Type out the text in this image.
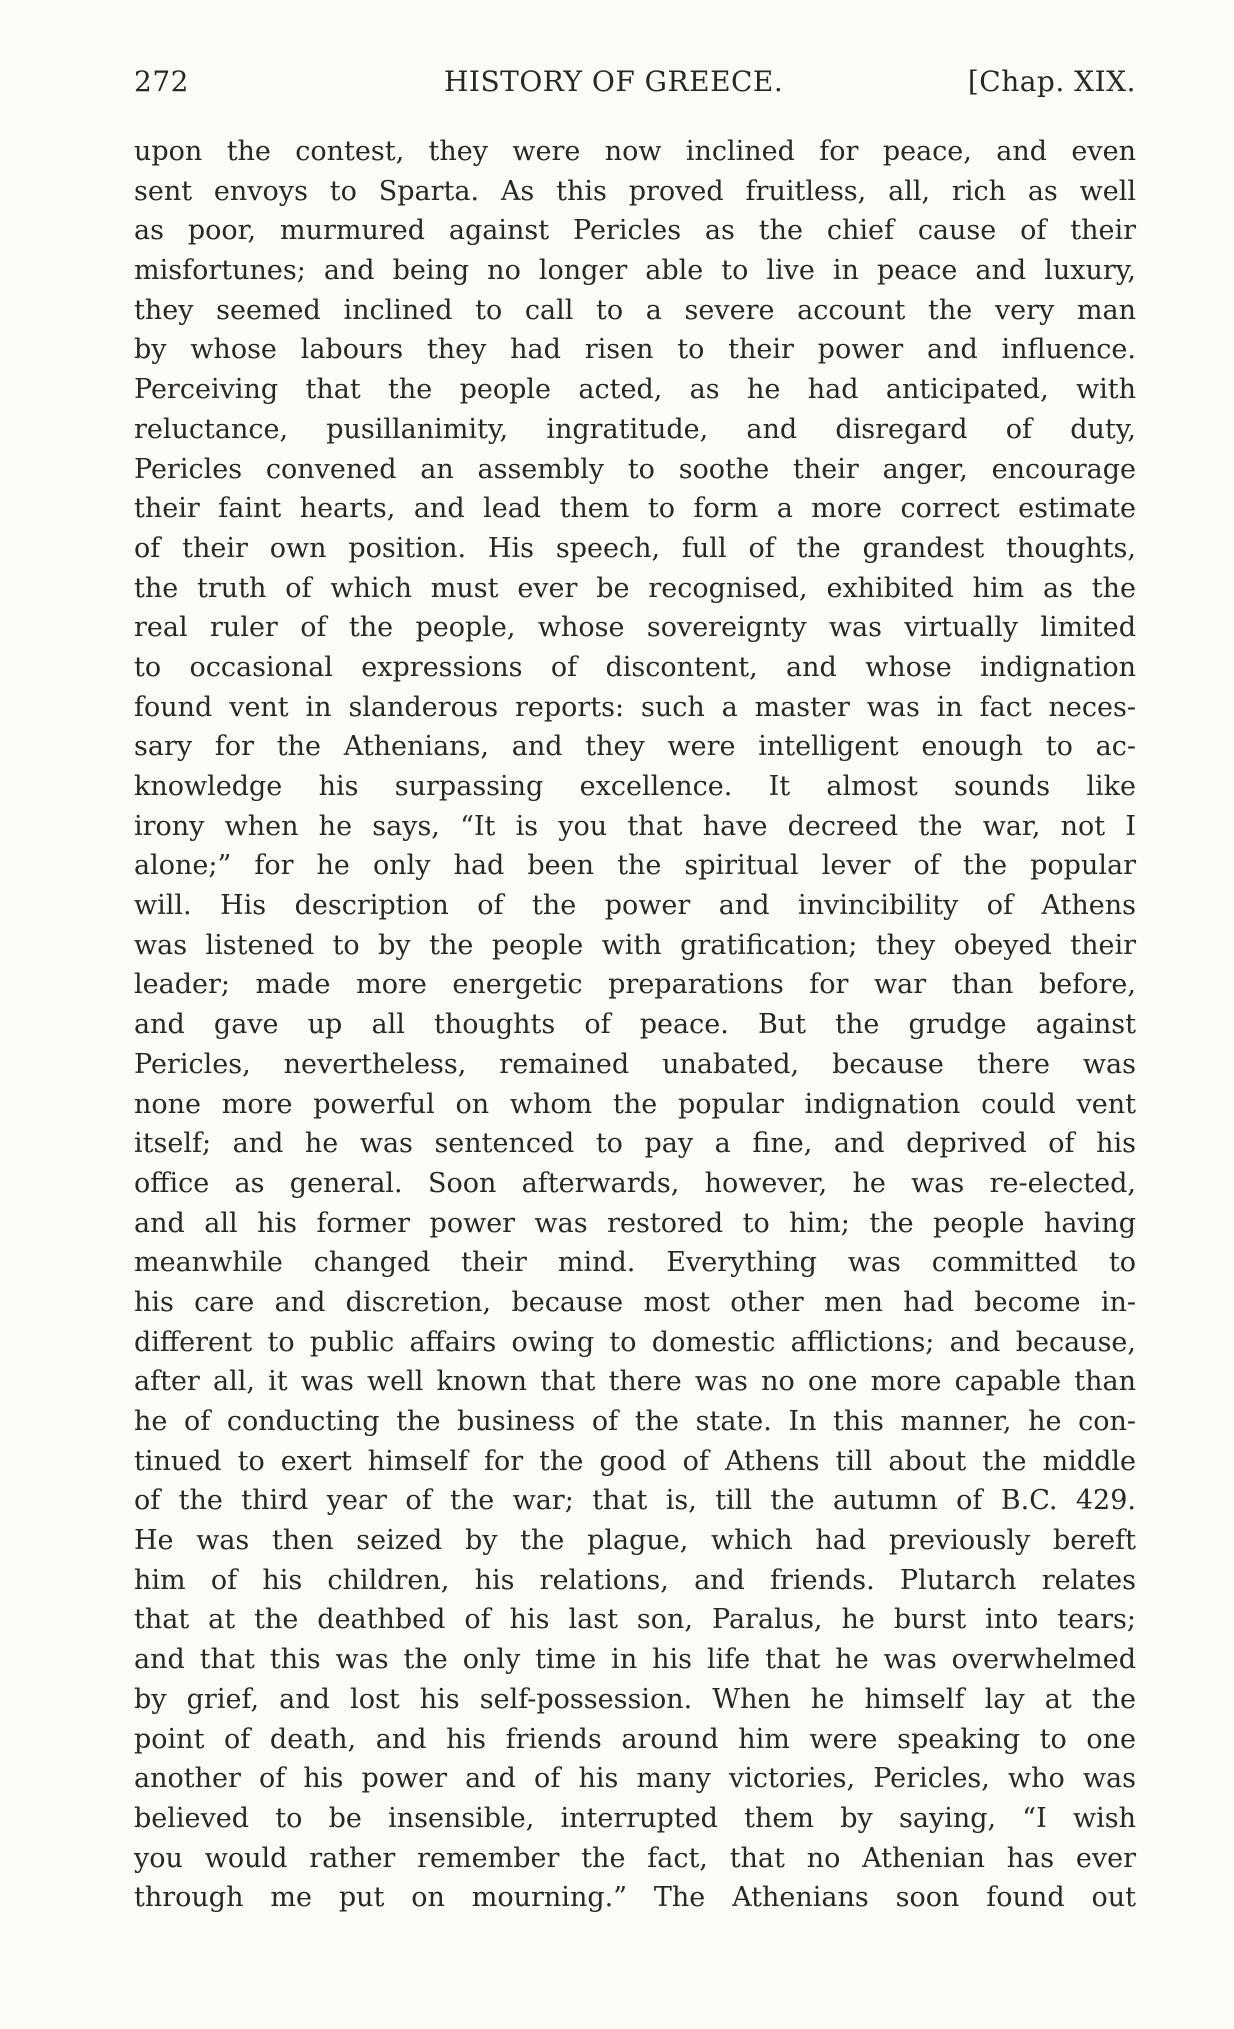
272	HISTORY OF GREECE.	[Chap. XIX.
upon the contest, they were now inclined for peace, and even
sent envoys to Sparta. As this proved fruitless, all, rich as well
as poor, murmured against Pericles as the chief cause of their
misfortunes; and being no longer able to live in peace and luxury,
they seemed inclined to call to a severe account the very man
by whose labours they had risen to their power and influence.
Perceiving that the people acted, as he had anticipated, with
reluctance, pusillanimity, ingratitude, and disregard of duty,
Pericles convened an assembly to soothe their anger, encourage
their faint hearts, and lead them to form a more correct estimate
of their own position. His speech, full of the grandest thoughts,
the truth of which must ever be recognised, exhibited him as the
real ruler of the people, whose sovereignty was virtually limited
to occasional expressions of discontent, and whose indignation
found vent in slanderous reports: such a master was in fact neces-
sary for the Athenians, and they were intelligent enough to ac-
knowledge his surpassing excellence. It almost sounds like
irony when he says, “It is you that have decreed the war, not I
alone;” for he only had been the spiritual lever of the popular
will. His description of the power and invincibility of Athens
was listened to by the people with gratification; they obeyed their
leader; made more energetic preparations for war than before,
and gave up all thoughts of peace. But the grudge against
Pericles, nevertheless, remained unabated, because there was
none more powerful on whom the popular indignation could vent
itself; and he was sentenced to pay a fine, and deprived of his
office as general. Soon afterwards, however, he was re-elected,
and all his former power was restored to him; the people having
meanwhile changed their mind. Everything was committed to
his care and discretion, because most other men had become in-
different to public affairs owing to domestic afflictions; and because,
after all, it was well known that there was no one more capable than
he of conducting the business of the state. In this manner, he con-
tinued to exert himself for the good of Athens till about the middle
of the third year of the war; that is, till the autumn of B.C. 429.
He was then seized by the plague, which had previously bereft
him of his children, his relations, and friends. Plutarch relates
that at the deathbed of his last son, Paralus, he burst into tears;
and that this was the only time in his life that he was overwhelmed
by grief, and lost his self-possession. When he himself lay at the
point of death, and his friends around him were speaking to one
another of his power and of his many victories, Pericles, who was
believed to be insensible, interrupted them by saying, “I wish
you would rather remember the fact, that no Athenian has ever
through me put on mourning.” The Athenians soon found out
